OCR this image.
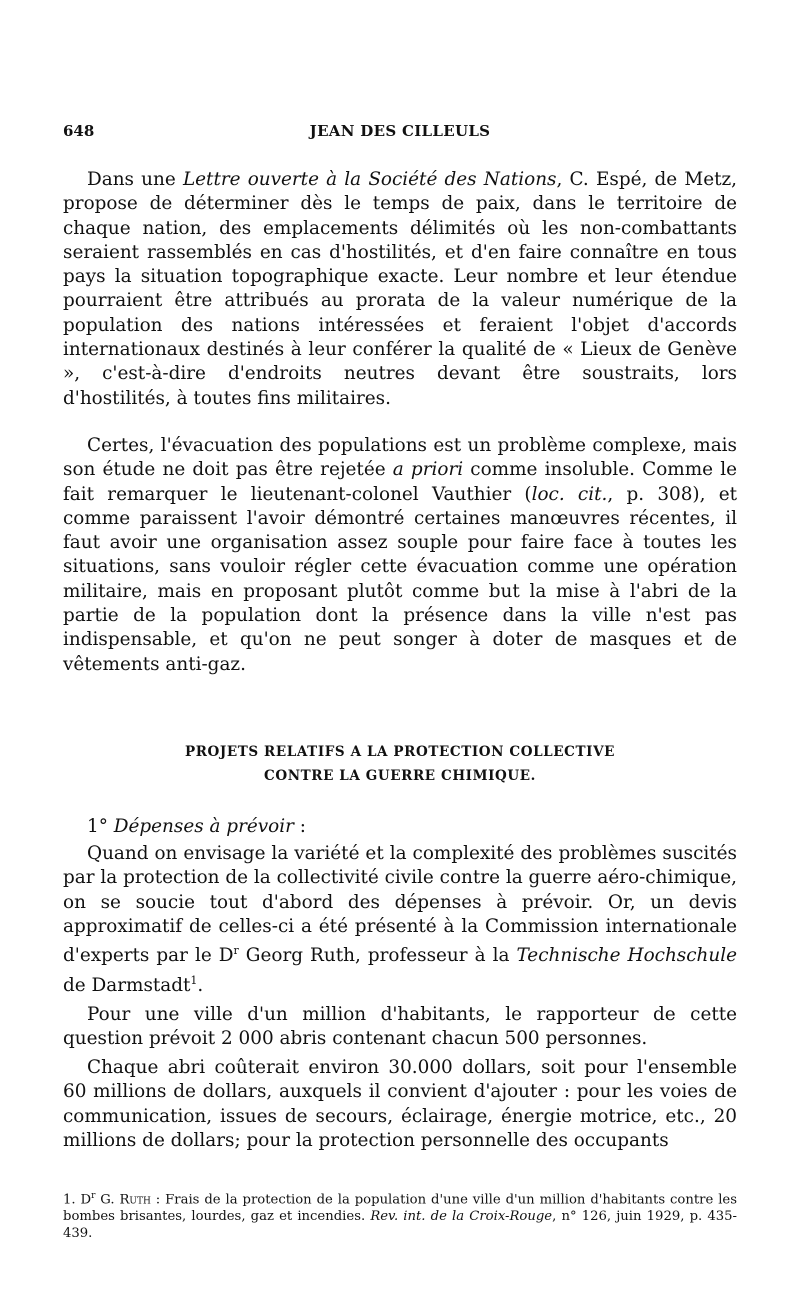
648	JEAN DES CILLEULS

Dans une Lettre ouverte à la Société des Nations, C. Espé, de Metz, propose de déterminer dès le temps de paix, dans le territoire de chaque nation, des emplacements délimités où les non-combattants seraient rassemblés en cas d'hostilités, et d'en faire connaître en tous pays la situation topographique exacte. Leur nombre et leur étendue pourraient être attribués au prorata de la valeur numérique de la population des nations intéressées et feraient l'objet d'accords internationaux destinés à leur conférer la qualité de « Lieux de Genève », c'est-à-dire d'endroits neutres devant être soustraits, lors d'hostilités, à toutes fins militaires.

Certes, l'évacuation des populations est un problème complexe, mais son étude ne doit pas être rejetée a priori comme insoluble. Comme le fait remarquer le lieutenant-colonel Vauthier (loc. cit., p. 308), et comme paraissent l'avoir démontré certaines manœuvres récentes, il faut avoir une organisation assez souple pour faire face à toutes les situations, sans vouloir régler cette évacuation comme une opération militaire, mais en proposant plutôt comme but la mise à l'abri de la partie de la population dont la présence dans la ville n'est pas indispensable, et qu'on ne peut songer à doter de masques et de vêtements anti-gaz.

PROJETS RELATIFS A LA PROTECTION COLLECTIVE
CONTRE LA GUERRE CHIMIQUE.
1° Dépenses à prévoir :

Quand on envisage la variété et la complexité des problèmes suscités par la protection de la collectivité civile contre la guerre aéro-chimique, on se soucie tout d'abord des dépenses à prévoir. Or, un devis approximatif de celles-ci a été présenté à la Commission internationale d'experts par le $D^r$ Georg Ruth, professeur à la Technische Hochschule de Darmstadt$^1$.

Pour une ville d'un million d'habitants, le rapporteur de cette question prévoit 2 000 abris contenant chacun 500 personnes.

Chaque abri coûterait environ 30.000 dollars, soit pour l'ensemble 60 millions de dollars, auxquels il convient d'ajouter : pour les voies de communication, issues de secours, éclairage, énergie motrice, etc., 20 millions de dollars; pour la protection personnelle des occupants

1. $D^r$ G. Ruth : Frais de la protection de la population d'une ville d'un million d'habitants contre les bombes brisantes, lourdes, gaz et incendies. Rev. int. de la Croix-Rouge, n° 126, juin 1929, p. 435-439.
